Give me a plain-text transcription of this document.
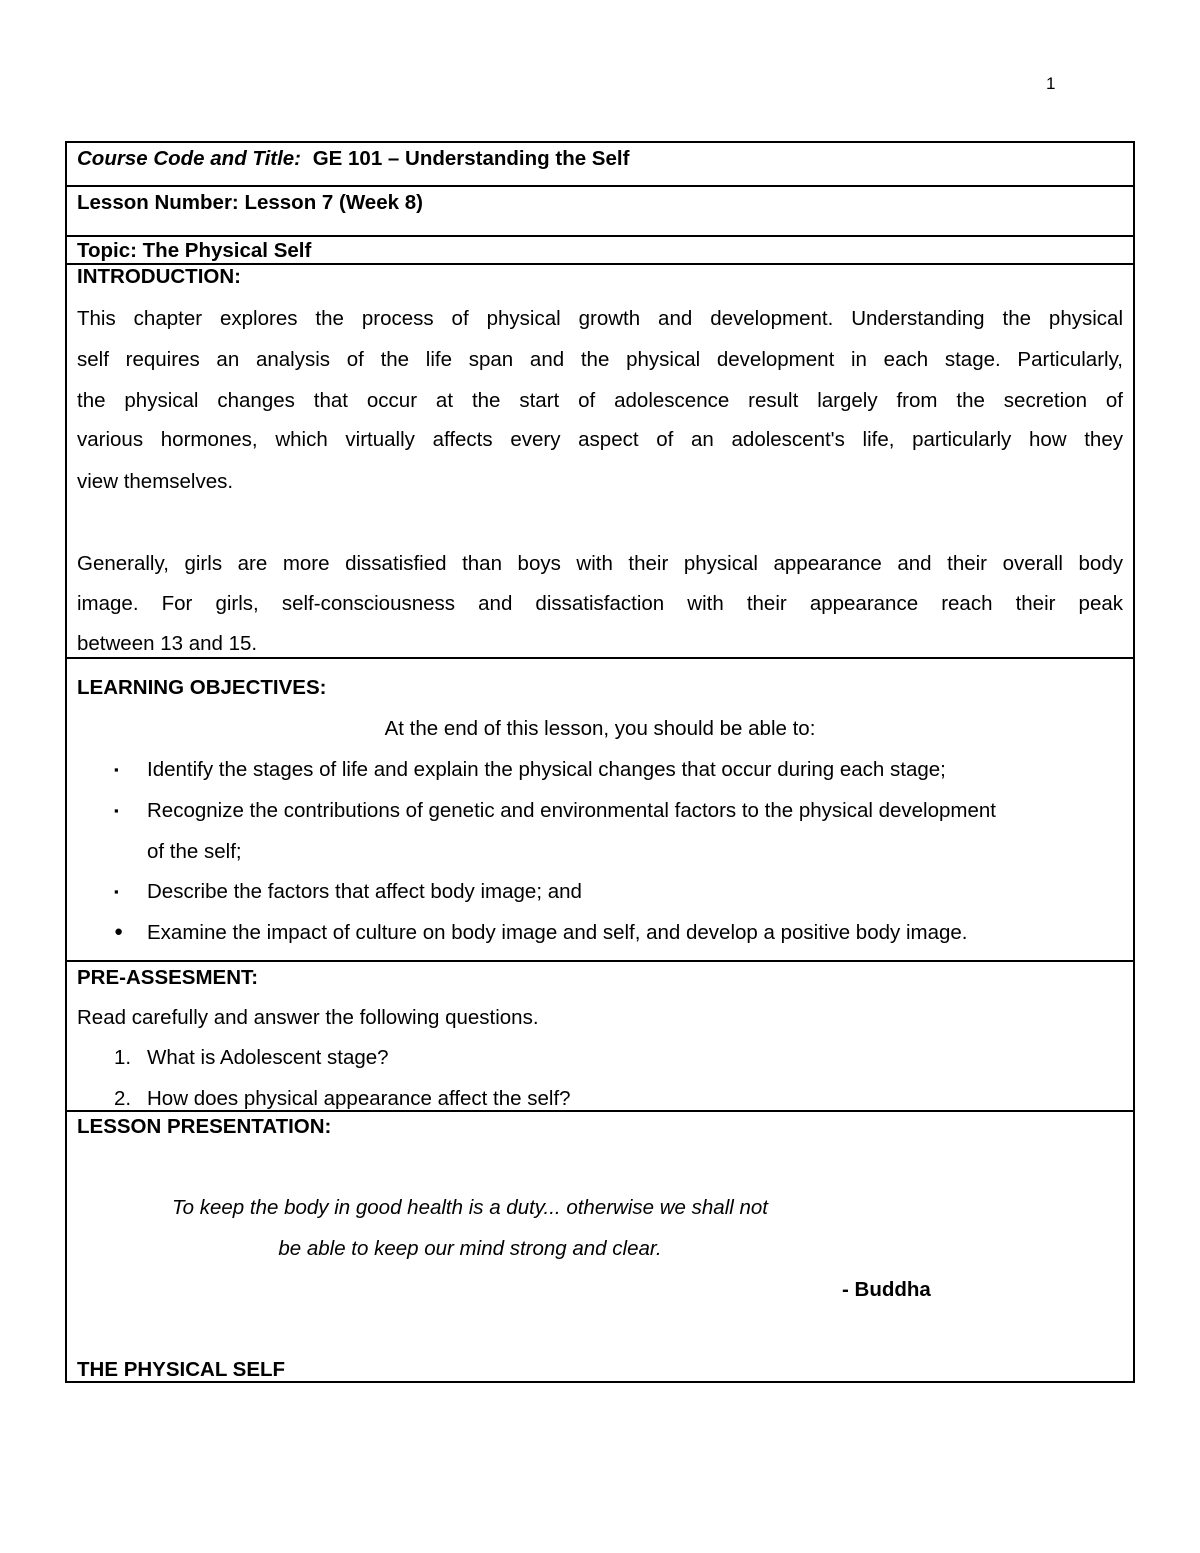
1
Course Code and Title: GE 101 – Understanding the Self
Lesson Number: Lesson 7 (Week 8)
Topic: The Physical Self
INTRODUCTION:
This chapter explores the process of physical growth and development. Understanding the physical
self requires an analysis of the life span and the physical development in each stage. Particularly,
the physical changes that occur at the start of adolescence result largely from the secretion of
various hormones, which virtually affects every aspect of an adolescent's life, particularly how they
view themselves.
Generally, girls are more dissatisfied than boys with their physical appearance and their overall body
image. For girls, self-consciousness and dissatisfaction with their appearance reach their peak
between 13 and 15.
LEARNING OBJECTIVES:
At the end of this lesson, you should be able to:
▪ Identify the stages of life and explain the physical changes that occur during each stage;
▪ Recognize the contributions of genetic and environmental factors to the physical development
of the self;
▪ Describe the factors that affect body image; and
● Examine the impact of culture on body image and self, and develop a positive body image.
PRE-ASSESMENT:
Read carefully and answer the following questions.
1. What is Adolescent stage?
2. How does physical appearance affect the self?
LESSON PRESENTATION:
To keep the body in good health is a duty... otherwise we shall not
be able to keep our mind strong and clear.
- Buddha
THE PHYSICAL SELF
